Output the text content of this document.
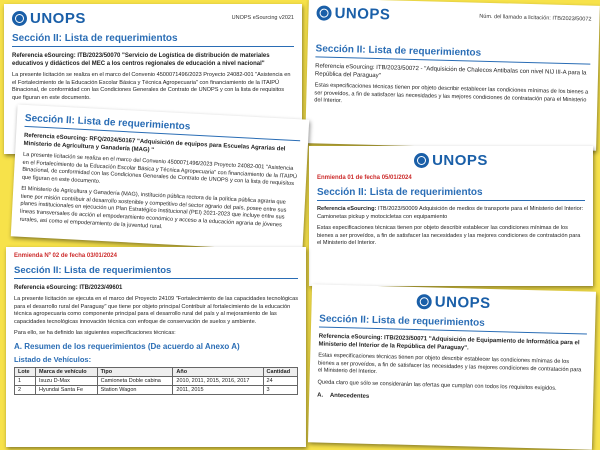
UNOPS	UNOPS eSourcing v2021
Sección II: Lista de requerimientos
Referencia eSourcing: ITB/2023/50070 "Servicio de Logística de distribución de materiales educativos y didácticos del MEC a los centros regionales de educación a nivel nacional"
La presente licitación se realiza en el marco del Convenio 4500071496/2023 Proyecto 24082-001 "Asistencia en el Fortalecimiento de la Educación Escolar Básica y Técnica Agropecuaria" con financiamiento de la ITAIPÚ Binacional, de conformidad con las Condiciones Generales de Contrato de UNOPS y con la lista de requisitos que figuran en este documento.
UNOPS	Núm. del llamado a licitación: ITB/2023/50072
Sección II: Lista de requerimientos
Referencia eSourcing: ITB/2023/50072 - "Adquisición de Chalecos Antibalas con nivel NIJ III-A para la República del Paraguay"
Estas especificaciones técnicas tienen por objeto describir establecer las condiciones mínimas de los bienes a ser proveídos, a fin de satisfacer las necesidades y las mejores condiciones de contratación para el Ministerio del Interior.
Sección II: Lista de requerimientos
Referencia eSourcing: RFQ/2024/50167 "Adquisición de equipos para Escuelas Agrarias del Ministerio de Agricultura y Ganadería (MAG) "
La presente licitación se realiza en el marco del Convenio 4500071496/2023 Proyecto 24082-001 "Asistencia en el Fortalecimiento de la Educación Escolar Básica y Técnica Agropecuaria" con financiamiento de la ITAIPÚ Binacional, de conformidad con las Condiciones Generales de Contrato de UNOPS y con la lista de requisitos que figuran en este documento.
El Ministerio de Agricultura y Ganadería (MAG), institución pública rectora de la política pública agraria que tiene por misión contribuir al desarrollo sostenible y competitivo del sector agrario del país, posee entre sus planes institucionales en ejecución un Plan Estratégico Institucional (PEI) 2021-2023 que incluye entre sus líneas transversales de acción el empoderamiento económico y acceso a la educación agraria de jóvenes rurales, así como el empoderamiento de la juventud rural.
UNOPS
Enmienda 01 de fecha 05/01/2024
Sección II: Lista de requerimientos
Referencia eSourcing: ITB/2023/50009 Adquisición de medios de transporte para el Ministerio del Interior: Camionetas pickup y motocicletas con equipamiento
Estas especificaciones técnicas tienen por objeto describir establecer las condiciones mínimas de los bienes a ser proveídos, a fin de satisfacer las necesidades y las mejores condiciones de contratación para el Ministerio del Interior.
Enmienda Nº 02 de fecha 03/01/2024
Sección II: Lista de requerimientos
Referencia eSourcing: ITB/2023/49601
La presente licitación se ejecuta en el marco del Proyecto 24109 "Fortalecimiento de las capacidades tecnológicas para el desarrollo rural del Paraguay" que tiene por objeto principal Contribuir al fortalecimiento de la educación técnica agropecuaria como componente principal para el desarrollo rural del país y al mejoramiento de las capacidades tecnológicas innovación técnica con enfoque de conservación de suelos y ambiente.
Para ello, se ha definido las siguientes especificaciones técnicas:
A. Resumen de los requerimientos (De acuerdo al Anexo A)
Listado de Vehículos:
Lote	Marca de vehículo	Tipo	Año	Cantidad
1	Isuzu D-Max	Camioneta Doble cabina	2010, 2011, 2015, 2016, 2017	24
2	Hyundai Santa Fe	Station Wagon	2011, 2015	3
UNOPS
Sección II: Lista de requerimientos
Referencia eSourcing: ITB/2023/50071 "Adquisición de Equipamiento de Informática para el Ministerio del Interior de la República del Paraguay".
Estas especificaciones técnicas tienen por objeto describir establecer las condiciones mínimas de los bienes a ser proveídos, a fin de satisfacer las necesidades y las mejores condiciones de contratación para el Ministerio del Interior.
Queda claro que sólo se considerarán las ofertas que cumplan con todos los requisitos exigidos.
A. Antecedentes
